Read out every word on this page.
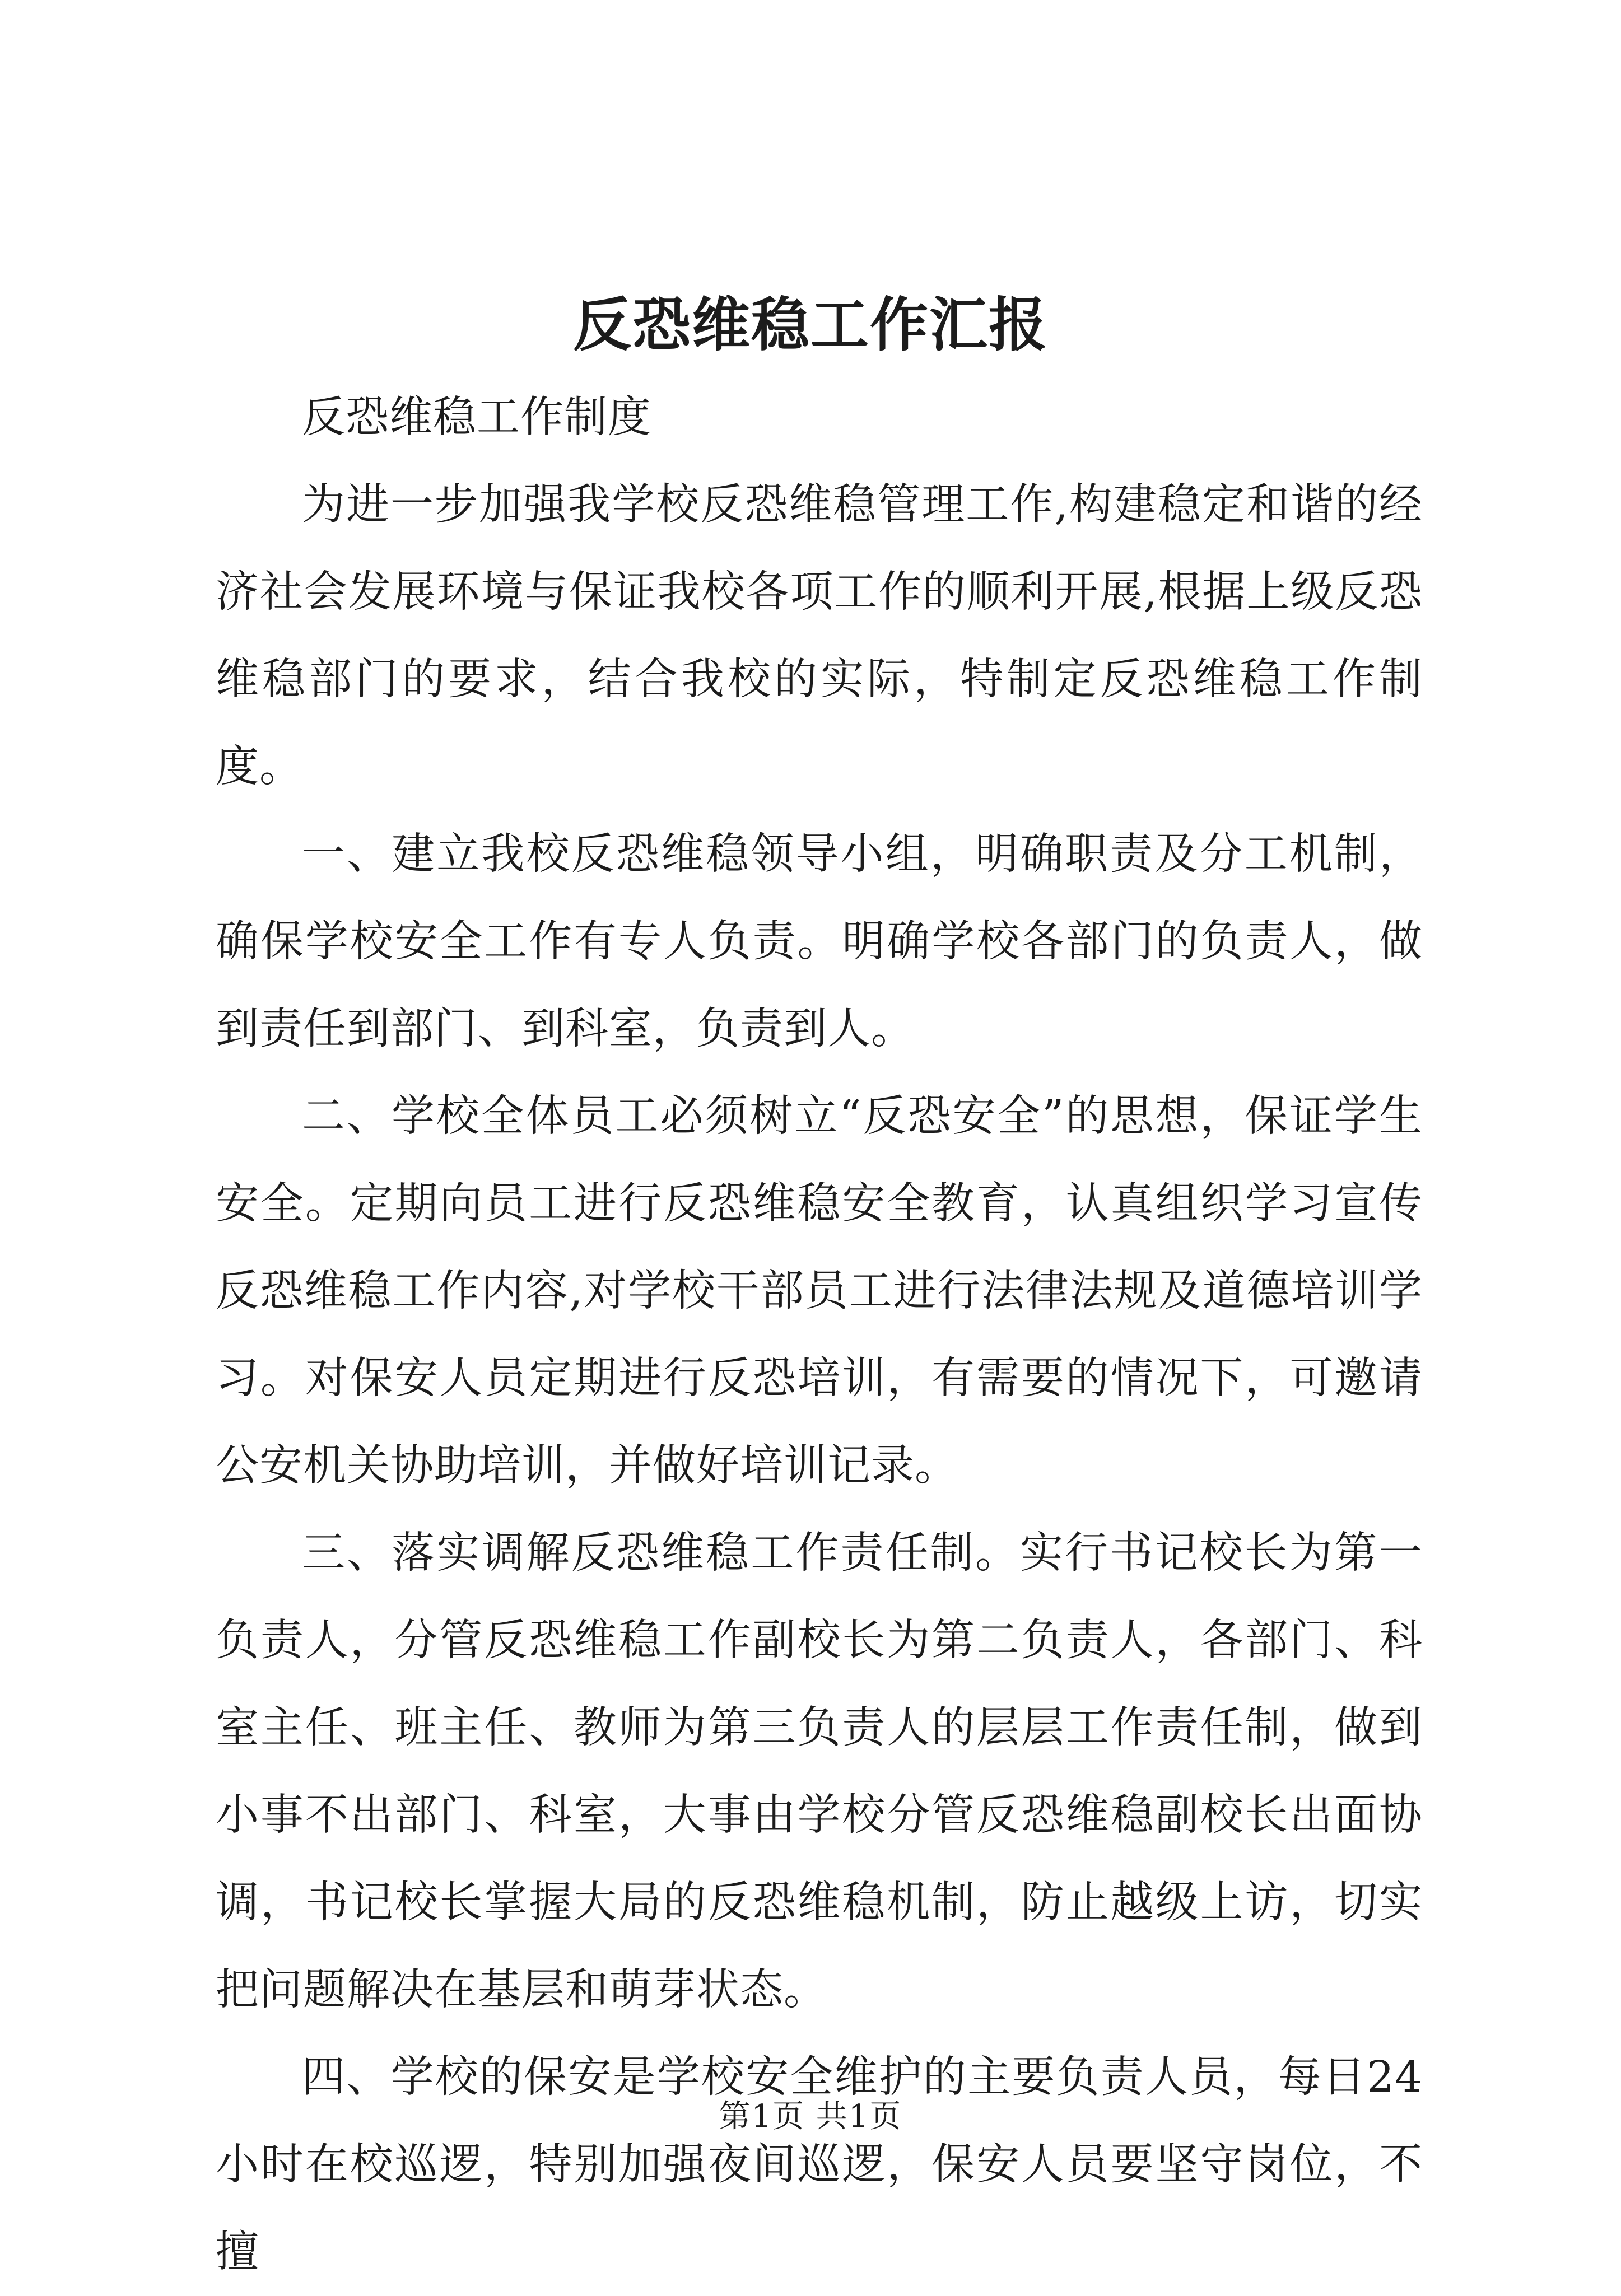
反恐维稳工作汇报

反恐维稳工作制度

为进一步加强我学校反恐维稳管理工作,构建稳定和谐的经济社会发展环境与保证我校各项工作的顺利开展,根据上级反恐维稳部门的要求，结合我校的实际，特制定反恐维稳工作制度。

一、建立我校反恐维稳领导小组，明确职责及分工机制，确保学校安全工作有专人负责。明确学校各部门的负责人，做到责任到部门、到科室，负责到人。

二、学校全体员工必须树立“反恐安全”的思想，保证学生安全。定期向员工进行反恐维稳安全教育，认真组织学习宣传反恐维稳工作内容,对学校干部员工进行法律法规及道德培训学习。对保安人员定期进行反恐培训，有需要的情况下，可邀请公安机关协助培训，并做好培训记录。

三、落实调解反恐维稳工作责任制。实行书记校长为第一负责人，分管反恐维稳工作副校长为第二负责人，各部门、科室主任、班主任、教师为第三负责人的层层工作责任制，做到小事不出部门、科室，大事由学校分管反恐维稳副校长出面协调，书记校长掌握大局的反恐维稳机制，防止越级上访，切实把问题解决在基层和萌芽状态。

四、学校的保安是学校安全维护的主要负责人员，每日24小时在校巡逻，特别加强夜间巡逻，保安人员要坚守岗位，不擅

第1页 共1页
